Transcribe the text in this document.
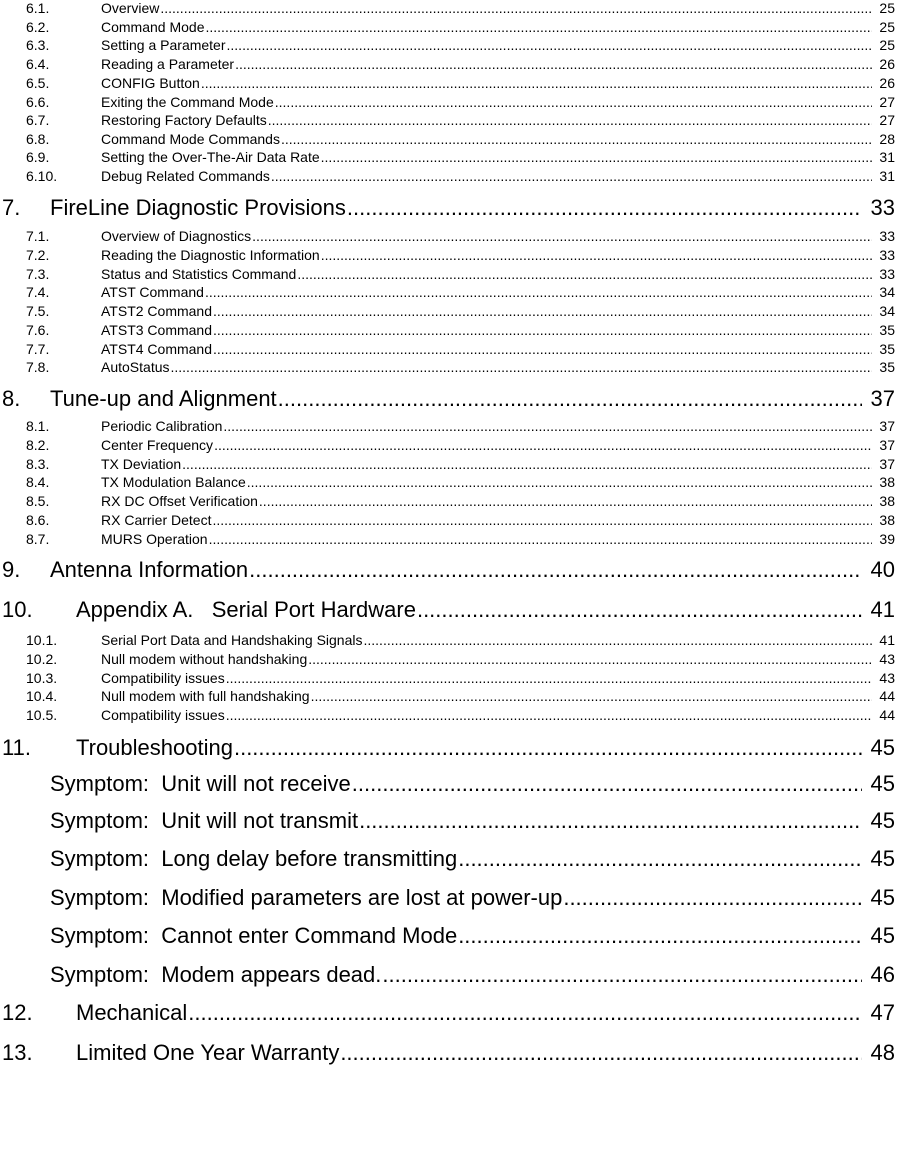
6.1.	Overview .....	25
6.2.	Command Mode .....	25
6.3.	Setting a Parameter .....	25
6.4.	Reading a Parameter .....	26
6.5.	CONFIG Button .....	26
6.6.	Exiting the Command Mode .....	27
6.7.	Restoring Factory Defaults .....	27
6.8.	Command Mode Commands .....	28
6.9.	Setting the Over-The-Air Data Rate .....	31
6.10.	Debug Related Commands .....	31
7. FireLine Diagnostic Provisions .....	33
7.1.	Overview of Diagnostics .....	33
7.2.	Reading the Diagnostic Information .....	33
7.3.	Status and Statistics Command .....	33
7.4.	ATST Command .....	34
7.5.	ATST2 Command .....	34
7.6.	ATST3 Command .....	35
7.7.	ATST4 Command .....	35
7.8.	AutoStatus .....	35
8. Tune-up and Alignment .....	37
8.1.	Periodic Calibration .....	37
8.2.	Center Frequency .....	37
8.3.	TX Deviation .....	37
8.4.	TX Modulation Balance .....	38
8.5.	RX DC Offset Verification .....	38
8.6.	RX Carrier Detect .....	38
8.7.	MURS Operation .....	39
9. Antenna Information .....	40
10. Appendix A.   Serial Port Hardware .....	41
10.1.	Serial Port Data and Handshaking Signals .....	41
10.2.	Null modem without handshaking .....	43
10.3.	Compatibility issues .....	43
10.4.	Null modem with full handshaking .....	44
10.5.	Compatibility issues .....	44
11. Troubleshooting .....	45
Symptom:  Unit will not receive .....	45
Symptom:  Unit will not transmit .....	45
Symptom:  Long delay before transmitting .....	45
Symptom:  Modified parameters are lost at power-up .....	45
Symptom:  Cannot enter Command Mode .....	45
Symptom:  Modem appears dead. .....	46
12. Mechanical .....	47
13. Limited One Year Warranty .....	48
